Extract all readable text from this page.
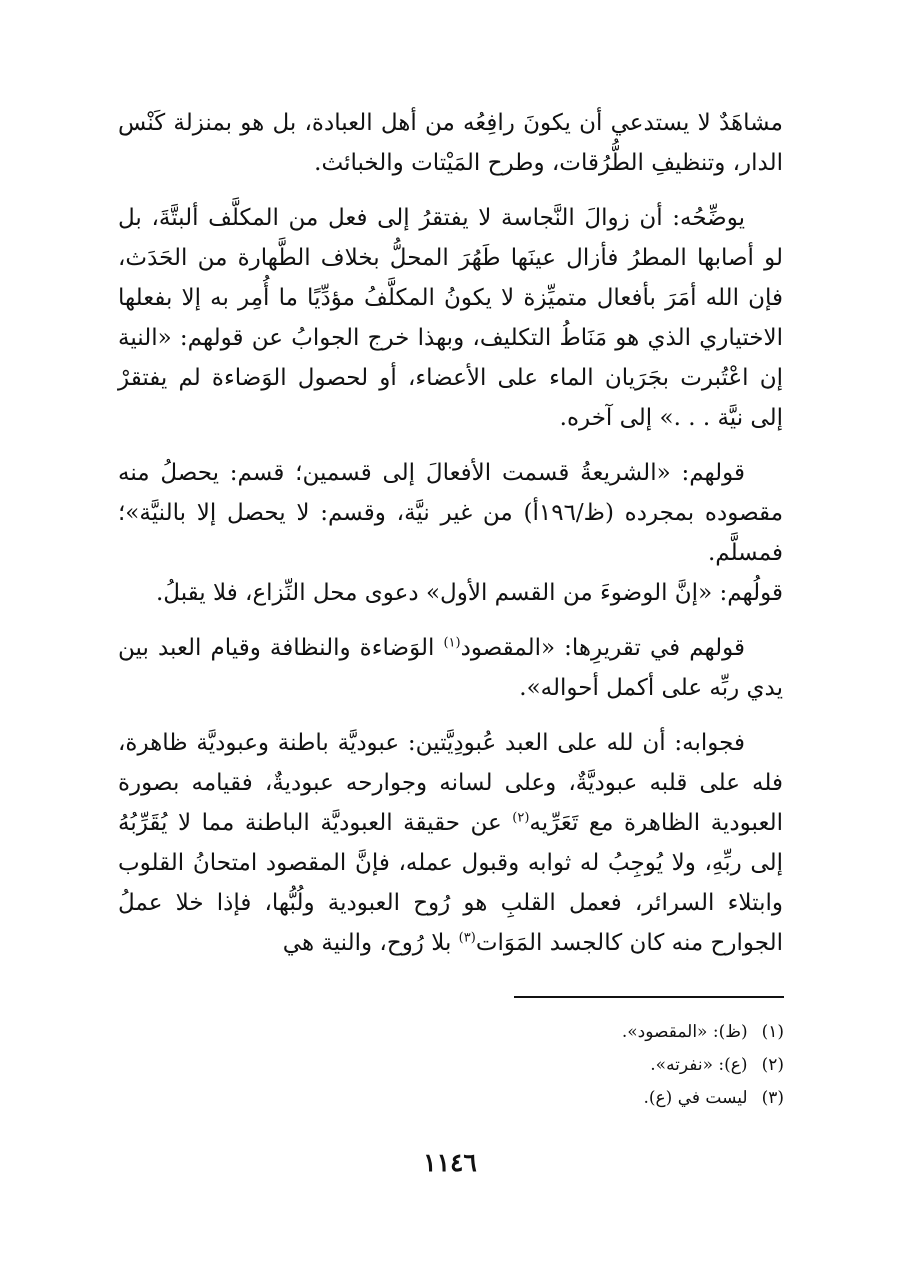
مشاهَدٌ لا يستدعي أن يكونَ رافِعُه من أهل العبادة، بل هو بمنزلة كَنْس الدار، وتنظيفِ الطُّرُقات، وطرح المَيْتات والخبائث.

يوضِّحُه: أن زوالَ النَّجاسة لا يفتقرُ إلى فعل من المكلَّف ألبتَّةَ، بل لو أصابها المطرُ فأزال عينَها طَهُرَ المحلُّ بخلاف الطَّهارة من الحَدَث، فإن الله أمَرَ بأفعال متميِّزة لا يكونُ المكلَّفُ مؤدِّيًا ما أُمِر به إلا بفعلها الاختياري الذي هو مَنَاطُ التكليف، وبهذا خرج الجوابُ عن قولهم: «النية إن اعْتُبرت بجَرَيان الماء على الأعضاء، أو لحصول الوَضاءة لم يفتقرْ إلى نيَّة . . .» إلى آخره.

قولهم: «الشريعةُ قسمت الأفعالَ إلى قسمين؛ قسم: يحصلُ منه مقصوده بمجرده (ظ/١٩٦أ) من غير نيَّة، وقسم: لا يحصل إلا بالنيَّة»؛ فمسلَّم.

قولُهم: «إنَّ الوضوءَ من القسم الأول» دعوى محل النِّزاع، فلا يقبلُ.

قولهم في تقريرِها: «المقصود$^{(١)}$ الوَضاءة والنظافة وقيام العبد بين يدي ربِّه على أكمل أحواله».

فجوابه: أن لله على العبد عُبودِيَّتين: عبوديَّة باطنة وعبوديَّة ظاهرة، فله على قلبه عبوديَّةٌ، وعلى لسانه وجوارحه عبوديةٌ، فقيامه بصورة العبودية الظاهرة مع تَعَرِّيه$^{(٢)}$ عن حقيقة العبوديَّة الباطنة مما لا يُقَرِّبُهُ إلى ربِّهِ، ولا يُوجِبُ له ثوابه وقبول عمله، فإنَّ المقصود امتحانُ القلوب وابتلاء السرائر، فعمل القلبِ هو رُوح العبودية ولُبُّها، فإذا خلا عملُ الجوارح منه كان كالجسد المَوَات$^{(٣)}$ بلا رُوح، والنية هي

(١)(ظ): «المقصود».

(٢)(ع): «نفرته».

(٣)ليست في (ع).

١١٤٦
